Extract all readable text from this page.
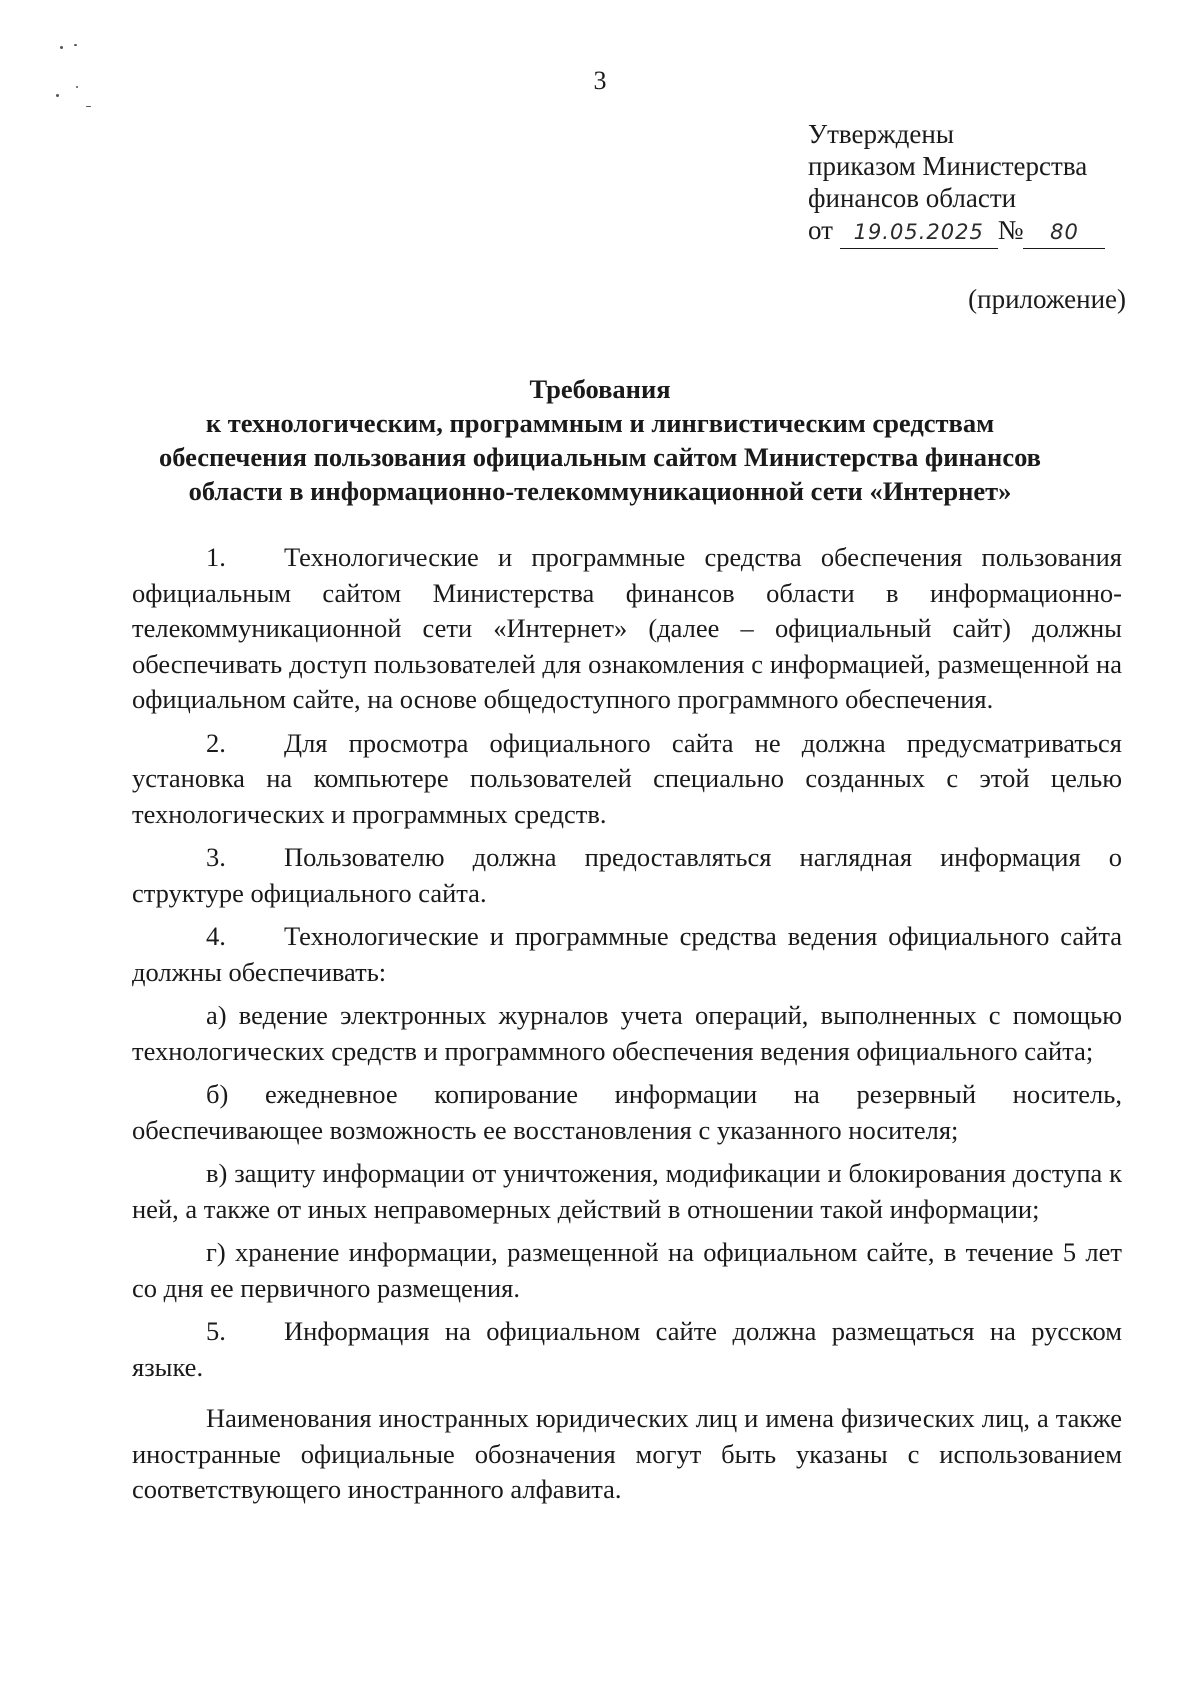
3
Утверждены
приказом Министерства
финансов области
от 19.05.2025 № 80
(приложение)
Требования
к технологическим, программным и лингвистическим средствам
обеспечения пользования официальным сайтом Министерства финансов
области в информационно-телекоммуникационной сети «Интернет»

1. Технологические и программные средства обеспечения пользования официальным сайтом Министерства финансов области в информационно-телекоммуникационной сети «Интернет» (далее – официальный сайт) должны обеспечивать доступ пользователей для ознакомления с информацией, размещенной на официальном сайте, на основе общедоступного программного обеспечения.

2. Для просмотра официального сайта не должна предусматриваться установка на компьютере пользователей специально созданных с этой целью технологических и программных средств.

3. Пользователю должна предоставляться наглядная информация о структуре официального сайта.

4. Технологические и программные средства ведения официального сайта должны обеспечивать:

а) ведение электронных журналов учета операций, выполненных с помощью технологических средств и программного обеспечения ведения официального сайта;

б) ежедневное копирование информации на резервный носитель, обеспечивающее возможность ее восстановления с указанного носителя;

в) защиту информации от уничтожения, модификации и блокирования доступа к ней, а также от иных неправомерных действий в отношении такой информации;

г) хранение информации, размещенной на официальном сайте, в течение 5 лет со дня ее первичного размещения.

5. Информация на официальном сайте должна размещаться на русском языке.

Наименования иностранных юридических лиц и имена физических лиц, а также иностранные официальные обозначения могут быть указаны с использованием соответствующего иностранного алфавита.
